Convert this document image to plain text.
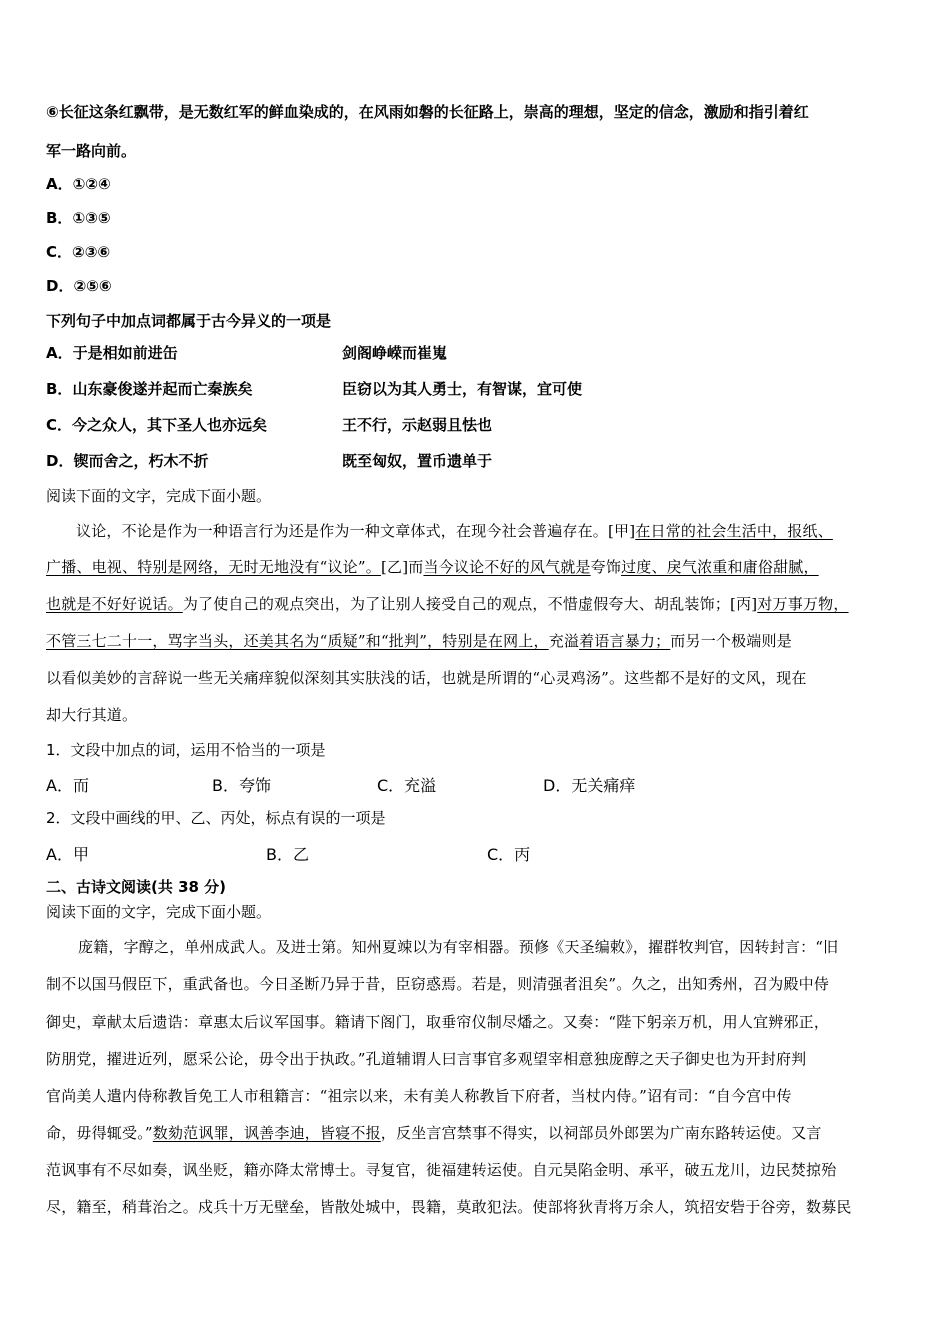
⑥长征这条红飘带，是无数红军的鲜血染成的，在风雨如磐的长征路上，崇高的理想，坚定的信念，激励和指引着红
军一路向前。
A．①②④
B．①③⑤
C．②③⑥
D．②⑤⑥
下列句子中加点词都属于古今异义的一项是
A．于是相如前进缶	剑阁峥嵘而崔嵬
B．山东豪俊遂并起而亡秦族矣	臣窃以为其人勇士，有智谋，宜可使
C．今之众人，其下圣人也亦远矣	王不行，示赵弱且怯也
D．锲而舍之，朽木不折	既至匈奴，置币遗单于
阅读下面的文字，完成下面小题。
议论，不论是作为一种语言行为还是作为一种文章体式，在现今社会普遍存在。[甲]在日常的社会生活中，报纸、
广播、电视、特别是网络，无时无地没有“议论”。[乙]而当今议论不好的风气就是夸饰过度、戾气浓重和庸俗甜腻，
也就是不好好说话。为了使自己的观点突出，为了让别人接受自己的观点，不惜虚假夸大、胡乱装饰；[丙]对万事万物，
不管三七二十一，骂字当头，还美其名为“质疑”和“批判”，特别是在网上，充溢着语言暴力；而另一个极端则是
以看似美妙的言辞说一些无关痛痒貌似深刻其实肤浅的话，也就是所谓的“心灵鸡汤”。这些都不是好的文风，现在
却大行其道。
1．文段中加点的词，运用不恰当的一项是
A．而	B．夸饰	C．充溢	D．无关痛痒
2．文段中画线的甲、乙、丙处，标点有误的一项是
A．甲	B．乙	C．丙
二、古诗文阅读(共 38 分)
阅读下面的文字，完成下面小题。
庞籍，字醇之，单州成武人。及进士第。知州夏竦以为有宰相器。预修《天圣编敕》，擢群牧判官，因转封言：“旧
制不以国马假臣下，重武备也。今日圣断乃异于昔，臣窃惑焉。若是，则清强者沮矣”。久之，出知秀州，召为殿中侍
御史，章献太后遗诰：章惠太后议军国事。籍请下阁门，取垂帘仪制尽燔之。又奏：“陛下躬亲万机，用人宜辨邪正，
防朋党，擢进近列，愿采公论，毋令出于执政。”孔道辅谓人曰言事官多观望宰相意独庞醇之天子御史也为开封府判
官尚美人遣内侍称教旨免工人市租籍言：“祖宗以来，未有美人称教旨下府者，当杖内侍。”诏有司：“自今宫中传
命，毋得辄受。”数劾范讽罪，讽善李迪，皆寝不报，反坐言宫禁事不得实，以祠部员外郎罢为广南东路转运使。又言
范讽事有不尽如奏，讽坐贬，籍亦降太常博士。寻复官，徙福建转运使。自元昊陷金明、承平，破五龙川，边民焚掠殆
尽，籍至，稍葺治之。戍兵十万无壁垒，皆散处城中，畏籍，莫敢犯法。使部将狄青将万余人，筑招安砦于谷旁，数募民
